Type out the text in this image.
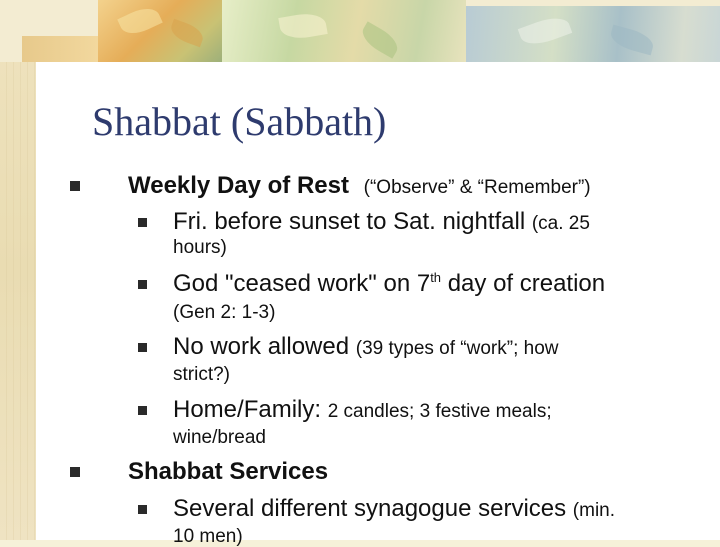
Shabbat (Sabbath)
Weekly Day of Rest (“Observe” & “Remember”)
Fri. before sunset to Sat. nightfall (ca. 25
hours)
God "ceased work" on 7th day of creation
(Gen 2: 1-3)
No work allowed (39 types of “work”; how
strict?)
Home/Family: 2 candles; 3 festive meals;
wine/bread
Shabbat Services
Several different synagogue services (min.
10 men)
